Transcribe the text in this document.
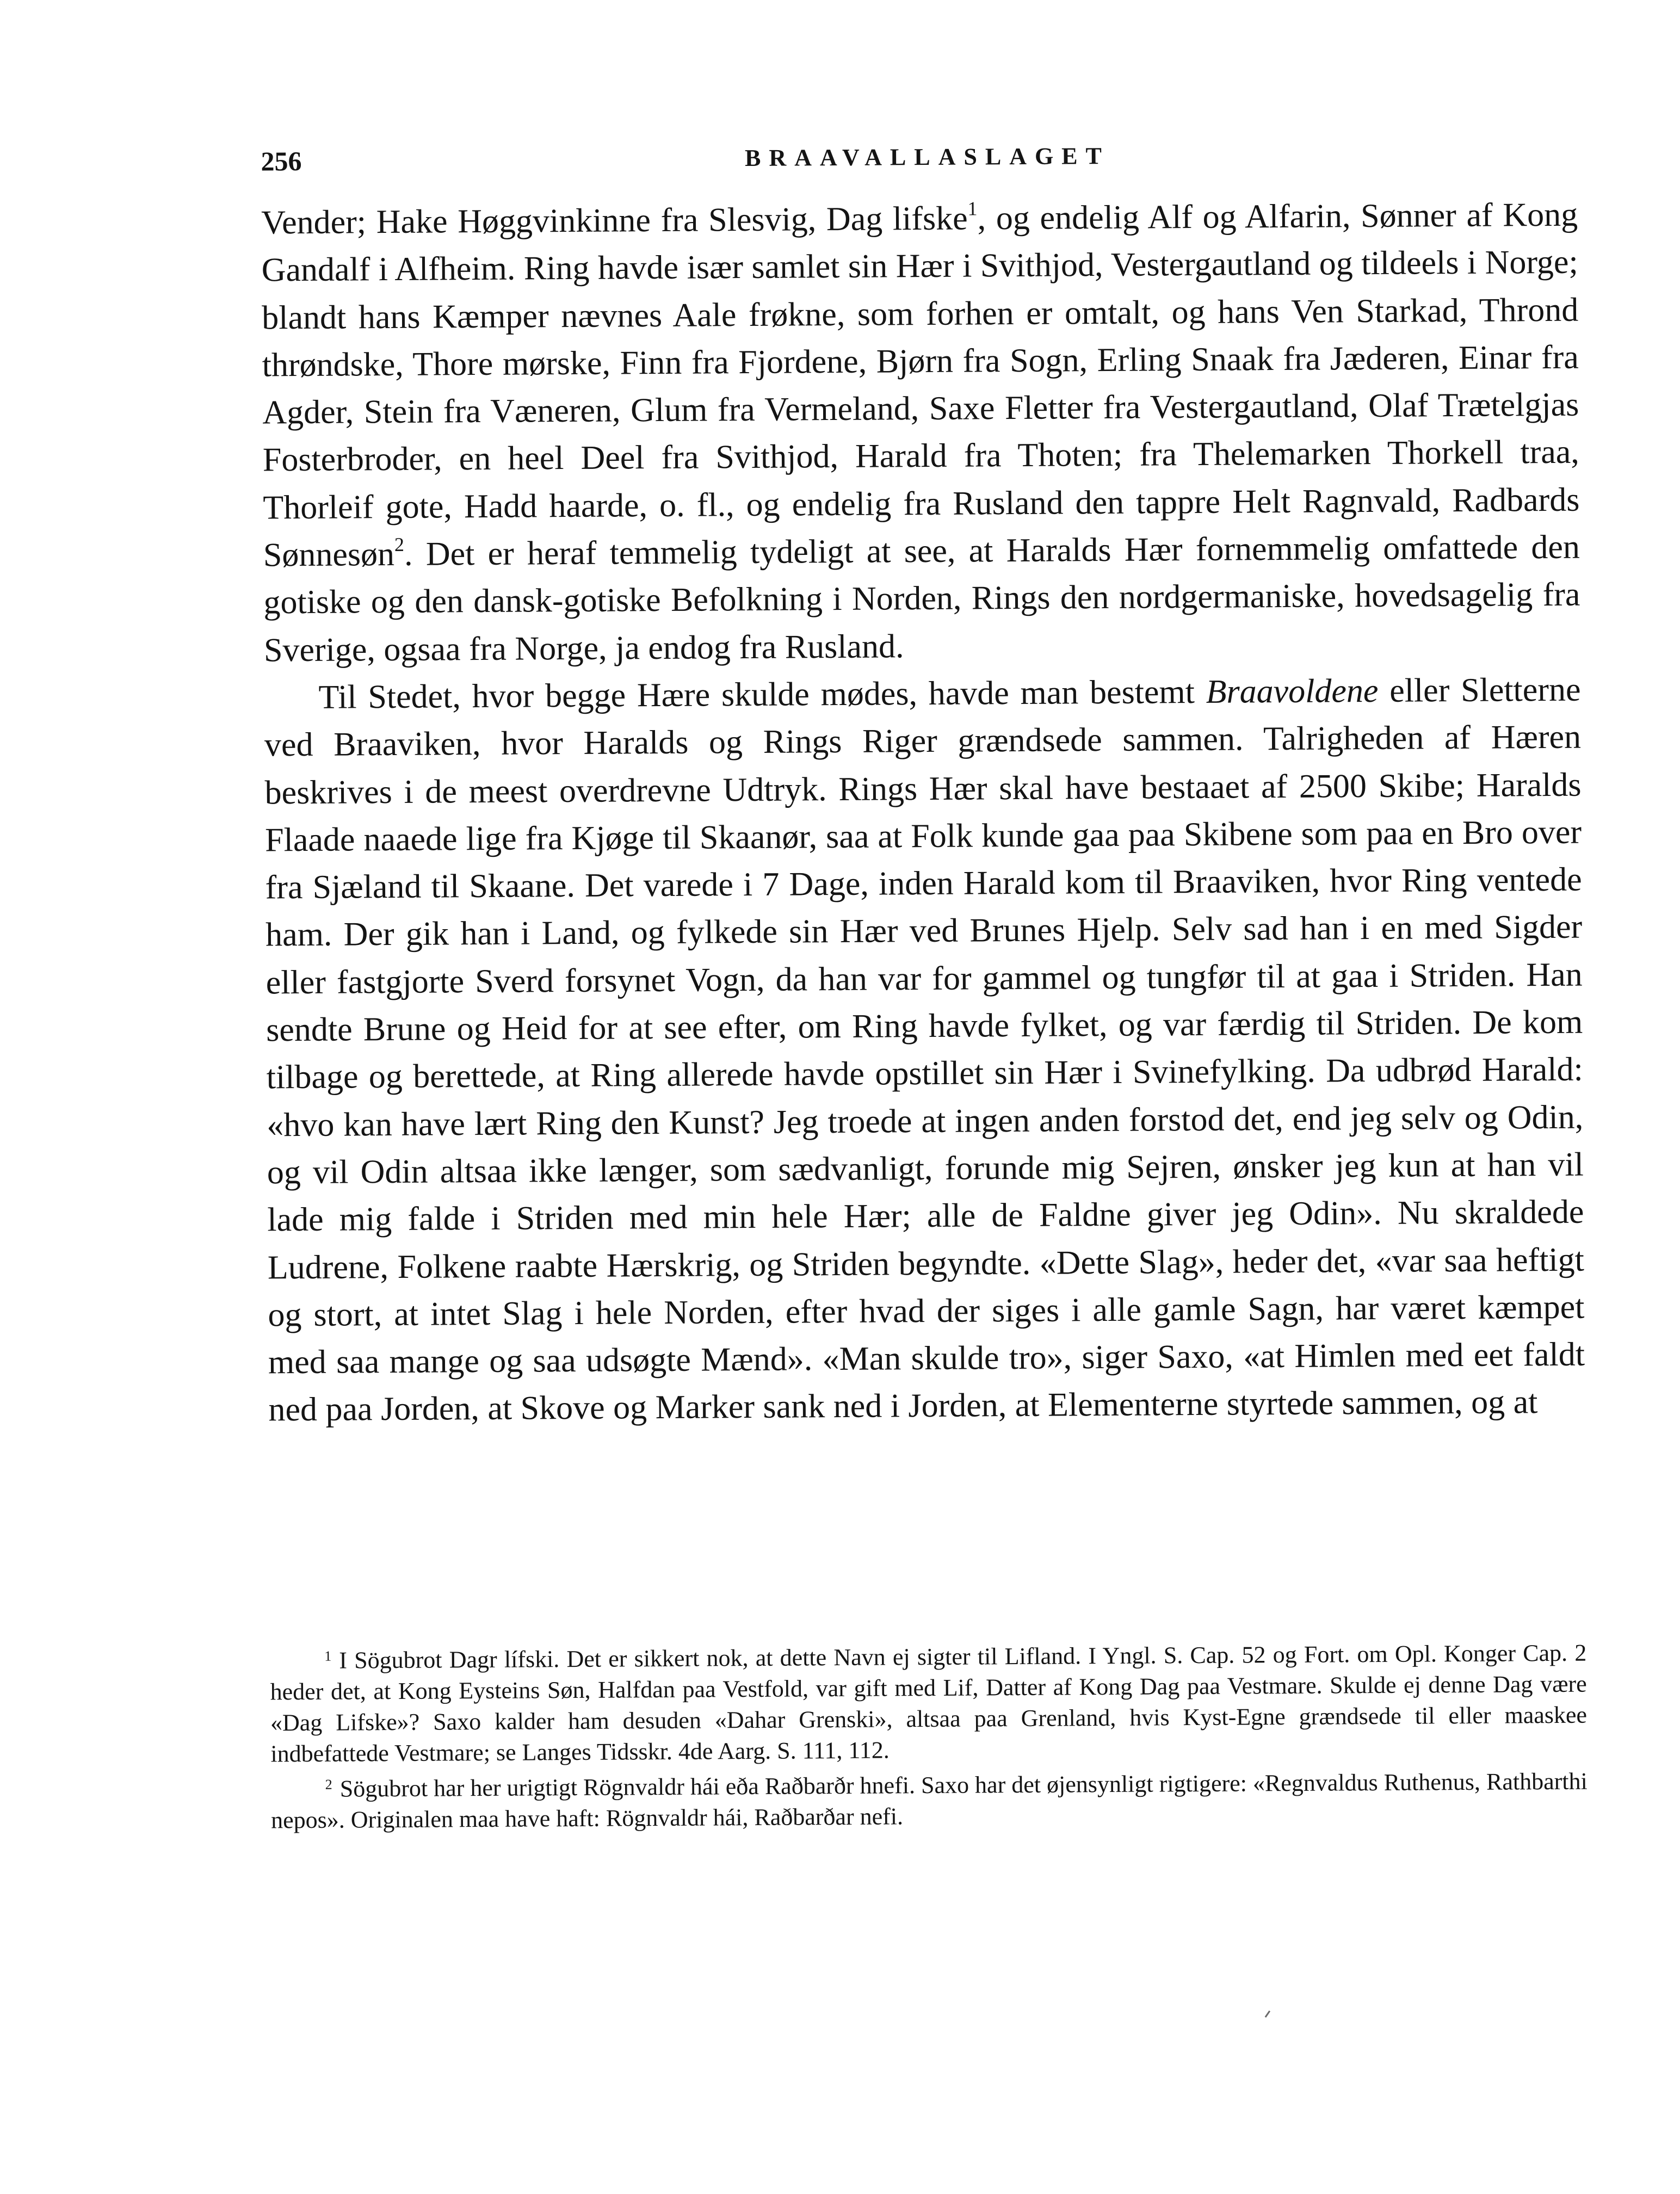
256	BRAAVALLASLAGET

Vender; Hake Høggvinkinne fra Slesvig, Dag lifske$^1$, og endelig Alf og Alfarin, Sønner af Kong Gandalf i Alfheim. Ring havde især samlet sin Hær i Svithjod, Vestergautland og tildeels i Norge; blandt hans Kæmper nævnes Aale frøkne, som forhen er omtalt, og hans Ven Starkad, Thrond thrøndske, Thore mørske, Finn fra Fjordene, Bjørn fra Sogn, Erling Snaak fra Jæderen, Einar fra Agder, Stein fra Væneren, Glum fra Vermeland, Saxe Fletter fra Vestergautland, Olaf Trætelgjas Fosterbroder, en heel Deel fra Svithjod, Harald fra Thoten; fra Thelemarken Thorkell traa, Thorleif gote, Hadd haarde, o. fl., og endelig fra Rusland den tappre Helt Ragnvald, Radbards Sønnesøn$^2$. Det er heraf temmelig tydeligt at see, at Haralds Hær fornemmelig omfattede den gotiske og den dansk-gotiske Befolkning i Norden, Rings den nordgermaniske, hovedsagelig fra Sverige, ogsaa fra Norge, ja endog fra Rusland.

Til Stedet, hvor begge Hære skulde mødes, havde man bestemt Braavoldene eller Sletterne ved Braaviken, hvor Haralds og Rings Riger grændsede sammen. Talrigheden af Hæren beskrives i de meest overdrevne Udtryk. Rings Hær skal have bestaaet af 2500 Skibe; Haralds Flaade naaede lige fra Kjøge til Skaanør, saa at Folk kunde gaa paa Skibene som paa en Bro over fra Sjæland til Skaane. Det varede i 7 Dage, inden Harald kom til Braaviken, hvor Ring ventede ham. Der gik han i Land, og fylkede sin Hær ved Brunes Hjelp. Selv sad han i en med Sigder eller fastgjorte Sverd forsynet Vogn, da han var for gammel og tungfør til at gaa i Striden. Han sendte Brune og Heid for at see efter, om Ring havde fylket, og var færdig til Striden. De kom tilbage og berettede, at Ring allerede havde opstillet sin Hær i Svinefylking. Da udbrød Harald: «hvo kan have lært Ring den Kunst? Jeg troede at ingen anden forstod det, end jeg selv og Odin, og vil Odin altsaa ikke længer, som sædvanligt, forunde mig Sejren, ønsker jeg kun at han vil lade mig falde i Striden med min hele Hær; alle de Faldne giver jeg Odin». Nu skraldede Ludrene, Folkene raabte Hærskrig, og Striden begyndte. «Dette Slag», heder det, «var saa heftigt og stort, at intet Slag i hele Norden, efter hvad der siges i alle gamle Sagn, har været kæmpet med saa mange og saa udsøgte Mænd». «Man skulde tro», siger Saxo, «at Himlen med eet faldt ned paa Jorden, at Skove og Marker sank ned i Jorden, at Elementerne styrtede sammen, og at

$^1$ I Sögubrot Dagr lífski. Det er sikkert nok, at dette Navn ej sigter til Lifland. I Yngl. S. Cap. 52 og Fort. om Opl. Konger Cap. 2 heder det, at Kong Eysteins Søn, Halfdan paa Vestfold, var gift med Lif, Datter af Kong Dag paa Vestmare. Skulde ej denne Dag være «Dag Lifske»? Saxo kalder ham desuden «Dahar Grenski», altsaa paa Grenland, hvis Kyst-Egne grændsede til eller maaskee indbefattede Vestmare; se Langes Tidsskr. 4de Aarg. S. 111, 112.

$^2$ Sögubrot har her urigtigt Rögnvaldr hái eða Raðbarðr hnefi. Saxo har det øjensynligt rigtigere: «Regnvaldus Ruthenus, Rathbarthi nepos». Originalen maa have haft: Rögnvaldr hái, Raðbarðar nefi.
